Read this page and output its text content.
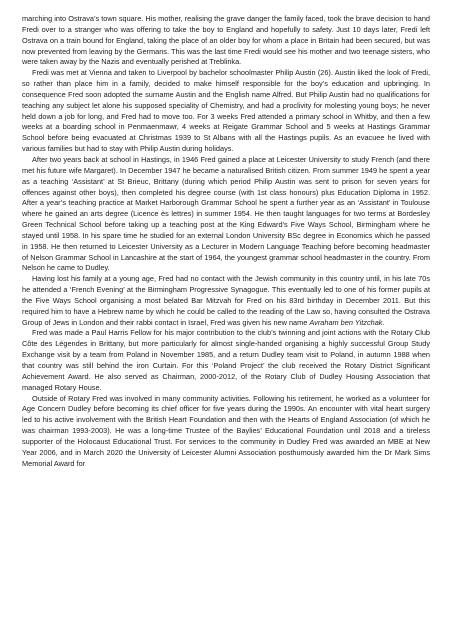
marching into Ostrava’s town square. His mother, realising the grave danger the family faced, took the brave decision to hand Fredi over to a stranger who was offering to take the boy to England and hopefully to safety. Just 10 days later, Fredi left Ostrava on a train bound for England, taking the place of an older boy for whom a place in Britain had been secured, but was now prevented from leaving by the Germans. This was the last time Fredi would see his mother and two teenage sisters, who were taken away by the Nazis and eventually perished at Treblinka.

Fredi was met at Vienna and taken to Liverpool by bachelor schoolmaster Philip Austin (26). Austin liked the look of Fredi, so rather than place him in a family, decided to make himself responsible for the boy’s education and upbringing. In consequence Fred soon adopted the surname Austin and the English name Alfred. But Philip Austin had no qualifications for teaching any subject let alone his supposed speciality of Chemistry, and had a proclivity for molesting young boys; he never held down a job for long, and Fred had to move too. For 3 weeks Fred attended a primary school in Whitby, and then a few weeks at a boarding school in Penmaenmawr, 4 weeks at Reigate Grammar School and 5 weeks at Hastings Grammar School before being evacuated at Christmas 1939 to St Albans with all the Hastings pupils. As an evacuee he lived with various families but had to stay with Philip Austin during holidays.

After two years back at school in Hastings, in 1946 Fred gained a place at Leicester University to study French (and there met his future wife Margaret). In December 1947 he became a naturalised British citizen. From summer 1949 he spent a year as a teaching ‘Assistant’ at St Brieuc, Brittany (during which period Philip Austin was sent to prison for seven years for offences against other boys), then completed his degree course (with 1st class honours) plus Education Diploma in 1952. After a year’s teaching practice at Market Harborough Grammar School he spent a further year as an ‘Assistant’ in Toulouse where he gained an arts degree (Licence ès lettres) in summer 1954. He then taught languages for two terms at Bordesley Green Technical School before taking up a teaching post at the King Edward’s Five Ways School, Birmingham where he stayed until 1958. In his spare time he studied for an external London University BSc degree in Economics which he passed in 1958. He then returned to Leicester University as a Lecturer in Modern Language Teaching before becoming headmaster of Nelson Grammar School in Lancashire at the start of 1964, the youngest grammar school headmaster in the country. From Nelson he came to Dudley.

Having lost his family at a young age, Fred had no contact with the Jewish community in this country until, in his late 70s he attended a ‘French Evening’ at the Birmingham Progressive Synagogue. This eventually led to one of his former pupils at the Five Ways School organising a most belated Bar Mitzvah for Fred on his 83rd birthday in December 2011. But this required him to have a Hebrew name by which he could be called to the reading of the Law so, having consulted the Ostrava Group of Jews in London and their rabbi contact in Israel, Fred was given his new name Avraham ben Yitzchak.

Fred was made a Paul Harris Fellow for his major contribution to the club’s twinning and joint actions with the Rotary Club Côte des Légendes in Brittany, but more particularly for almost single-handed organising a highly successful Group Study Exchange visit by a team from Poland in November 1985, and a return Dudley team visit to Poland, in autumn 1988 when that country was still behind the iron Curtain. For this ‘Poland Project’ the club received the Rotary District Significant Achievement Award. He also served as Chairman, 2000-2012, of the Rotary Club of Dudley Housing Association that managed Rotary House.

Outside of Rotary Fred was involved in many community activities. Following his retirement, he worked as a volunteer for Age Concern Dudley before becoming its chief officer for five years during the 1990s. An encounter with vital heart surgery led to his active involvement with the British Heart Foundation and then with the Hearts of England Association (of which he was chairman 1993-2003). He was a long-time Trustee of the Baylies’ Educational Foundation until 2018 and a tireless supporter of the Holocaust Educational Trust. For services to the community in Dudley Fred was awarded an MBE at New Year 2006, and in March 2020 the University of Leicester Alumni Association posthumously awarded him the Dr Mark Sims Memorial Award for
